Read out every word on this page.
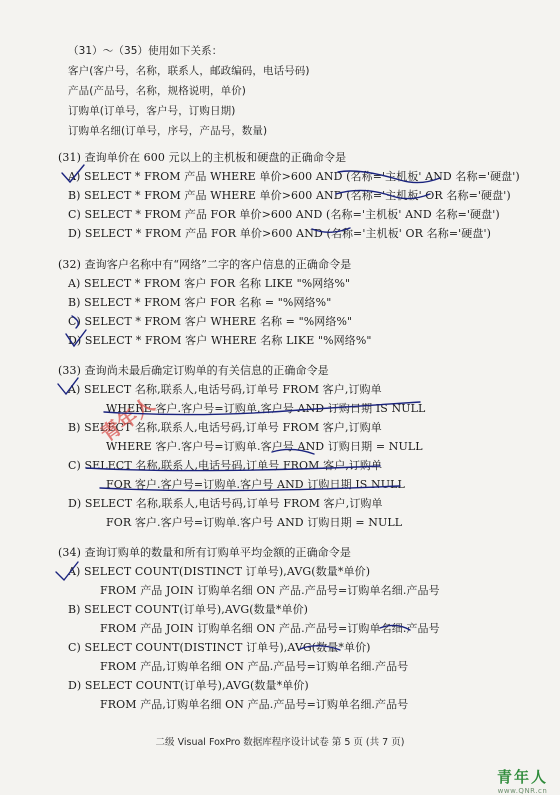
（31）～（35）使用如下关系：
客户(客户号，名称，联系人，邮政编码，电话号码)
产品(产品号，名称，规格说明，单价)
订购单(订单号，客户号，订购日期)
订购单名细(订单号，序号，产品号，数量)
(31) 查询单价在 600 元以上的主机板和硬盘的正确命令是
A) SELECT * FROM 产品 WHERE 单价>600 AND (名称='主机板' AND 名称='硬盘')
B) SELECT * FROM 产品 WHERE 单价>600 AND (名称='主机板' OR 名称='硬盘')
C) SELECT * FROM 产品 FOR 单价>600 AND (名称='主机板' AND 名称='硬盘')
D) SELECT * FROM 产品 FOR 单价>600 AND (名称='主机板' OR 名称='硬盘')
(32) 查询客户名称中有“网络”二字的客户信息的正确命令是
A) SELECT * FROM 客户 FOR 名称 LIKE "%网络%"
B) SELECT * FROM 客户 FOR 名称 = "%网络%"
C) SELECT * FROM 客户 WHERE 名称 = "%网络%"
D) SELECT * FROM 客户 WHERE 名称 LIKE "%网络%"
(33) 查询尚未最后确定订购单的有关信息的正确命令是
A) SELECT 名称,联系人,电话号码,订单号 FROM 客户,订购单
WHERE 客户.客户号=订购单.客户号 AND 订购日期 IS NULL
B) SELECT 名称,联系人,电话号码,订单号 FROM 客户,订购单
WHERE 客户.客户号=订购单.客户号 AND 订购日期 = NULL
C) SELECT 名称,联系人,电话号码,订单号 FROM 客户,订购单
FOR 客户.客户号=订购单.客户号 AND 订购日期 IS NULL
D) SELECT 名称,联系人,电话号码,订单号 FROM 客户,订购单
FOR 客户.客户号=订购单.客户号 AND 订购日期 = NULL
(34) 查询订购单的数量和所有订购单平均金额的正确命令是
A) SELECT COUNT(DISTINCT 订单号),AVG(数量*单价)
FROM 产品 JOIN 订购单名细 ON 产品.产品号=订购单名细.产品号
B) SELECT COUNT(订单号),AVG(数量*单价)
FROM 产品 JOIN 订购单名细 ON 产品.产品号=订购单名细.产品号
C) SELECT COUNT(DISTINCT 订单号),AVG(数量*单价)
FROM 产品,订购单名细 ON 产品.产品号=订购单名细.产品号
D) SELECT COUNT(订单号),AVG(数量*单价)
FROM 产品,订购单名细 ON 产品.产品号=订购单名细.产品号
青年人
二级 Visual FoxPro 数据库程序设计试卷 第 5 页 (共 7 页)
青年人
www.QNR.cn
